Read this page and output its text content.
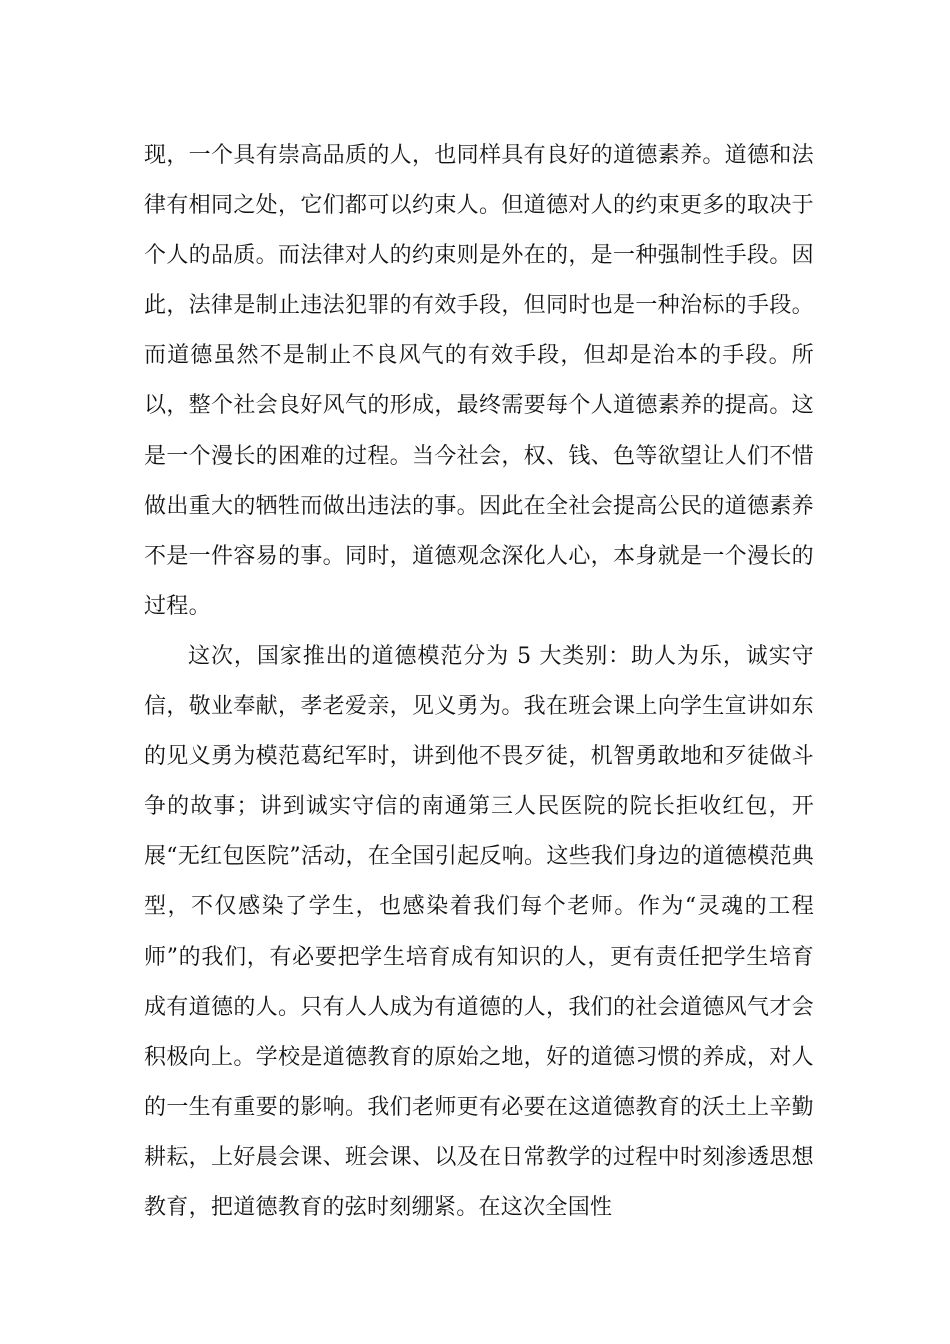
现，一个具有崇高品质的人，也同样具有良好的道德素养。道德和法律有相同之处，它们都可以约束人。但道德对人的约束更多的取决于个人的品质。而法律对人的约束则是外在的，是一种强制性手段。因此，法律是制止违法犯罪的有效手段，但同时也是一种治标的手段。而道德虽然不是制止不良风气的有效手段，但却是治本的手段。所以，整个社会良好风气的形成，最终需要每个人道德素养的提高。这是一个漫长的困难的过程。当今社会，权、钱、色等欲望让人们不惜做出重大的牺牲而做出违法的事。因此在全社会提高公民的道德素养不是一件容易的事。同时，道德观念深化人心，本身就是一个漫长的过程。

这次，国家推出的道德模范分为 5 大类别：助人为乐，诚实守信，敬业奉献，孝老爱亲，见义勇为。我在班会课上向学生宣讲如东的见义勇为模范葛纪军时，讲到他不畏歹徒，机智勇敢地和歹徒做斗争的故事；讲到诚实守信的南通第三人民医院的院长拒收红包，开展“无红包医院”活动，在全国引起反响。这些我们身边的道德模范典型，不仅感染了学生，也感染着我们每个老师。作为“灵魂的工程师”的我们，有必要把学生培育成有知识的人，更有责任把学生培育成有道德的人。只有人人成为有道德的人，我们的社会道德风气才会积极向上。学校是道德教育的原始之地，好的道德习惯的养成，对人的一生有重要的影响。我们老师更有必要在这道德教育的沃土上辛勤耕耘，上好晨会课、班会课、以及在日常教学的过程中时刻渗透思想教育，把道德教育的弦时刻绷紧。在这次全国性
